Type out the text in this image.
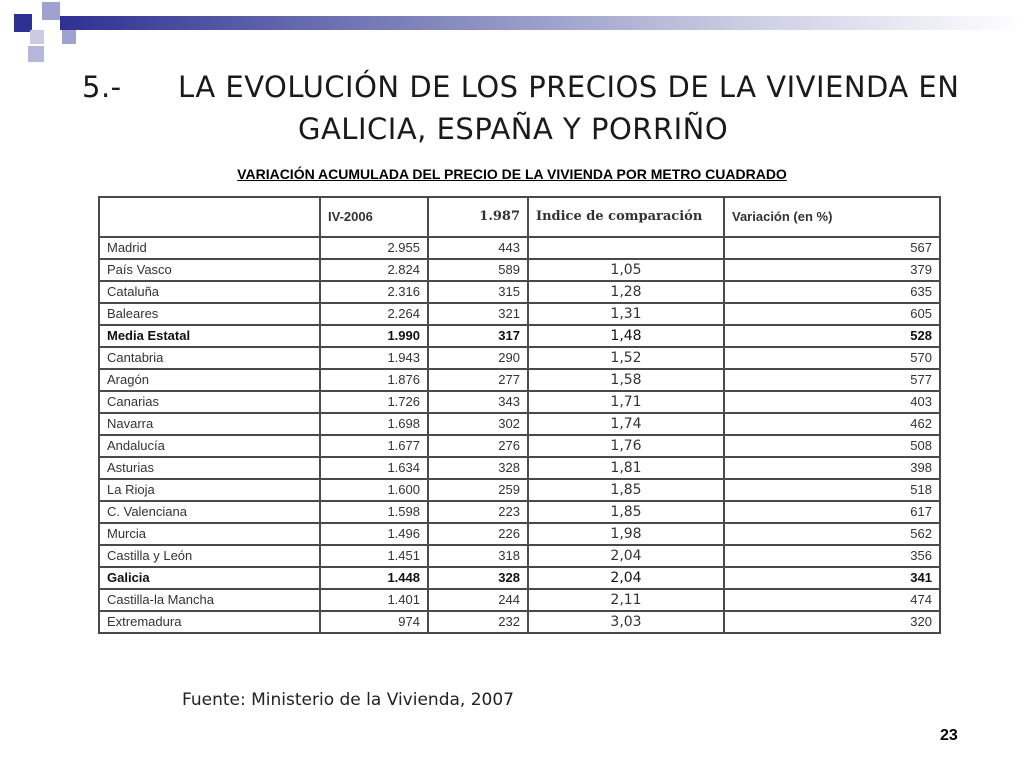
5.- LA EVOLUCIÓN DE LOS PRECIOS DE LA VIVIENDA EN
GALICIA, ESPAÑA Y PORRIÑO
VARIACIÓN ACUMULADA DEL PRECIO DE LA VIVIENDA POR METRO CUADRADO
	IV-2006	1.987	Indice de comparación	Variación (en %)
Madrid	2.955	443		567
País Vasco	2.824	589	1,05	379
Cataluña	2.316	315	1,28	635
Baleares	2.264	321	1,31	605
Media Estatal	1.990	317	1,48	528
Cantabria	1.943	290	1,52	570
Aragón	1.876	277	1,58	577
Canarias	1.726	343	1,71	403
Navarra	1.698	302	1,74	462
Andalucía	1.677	276	1,76	508
Asturias	1.634	328	1,81	398
La Rioja	1.600	259	1,85	518
C. Valenciana	1.598	223	1,85	617
Murcia	1.496	226	1,98	562
Castilla y León	1.451	318	2,04	356
Galicia	1.448	328	2,04	341
Castilla-la Mancha	1.401	244	2,11	474
Extremadura	974	232	3,03	320
Fuente: Ministerio de la Vivienda, 2007
23
